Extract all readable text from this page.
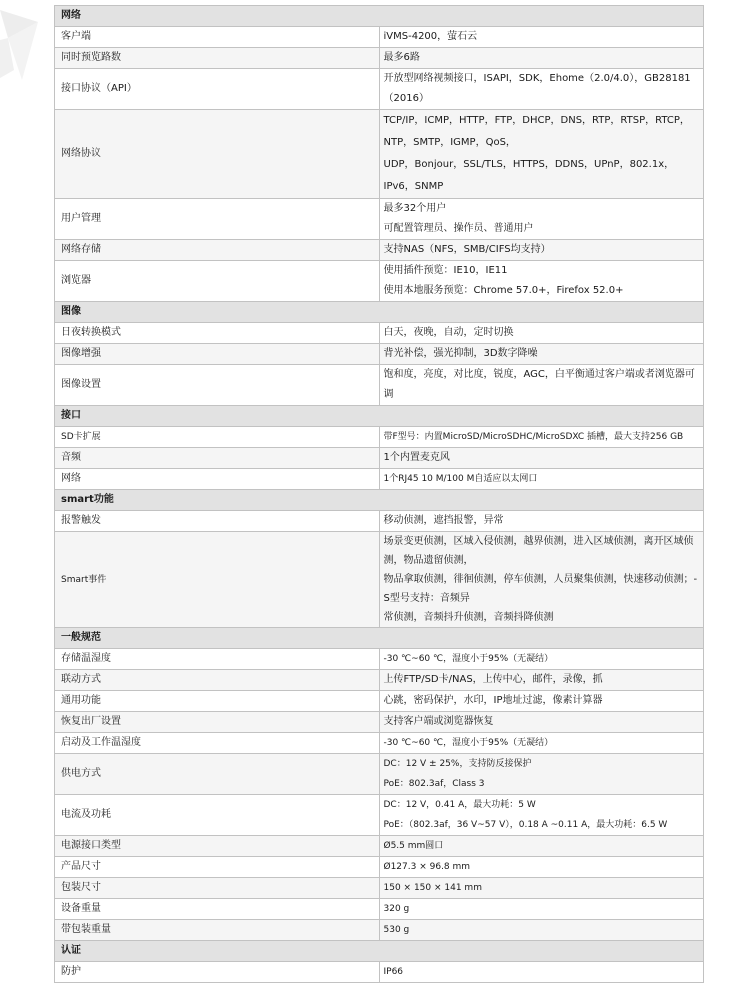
网络	
客户端	iVMS-4200，萤石云
同时预览路数	最多6路
接口协议（API）	开放型网络视频接口，ISAPI，SDK，Ehome（2.0/4.0），GB28181（2016）
网络协议	TCP/IP，ICMP，HTTP，FTP，DHCP，DNS，RTP，RTSP，RTCP，NTP，SMTP，IGMP，QoS，
UDP，Bonjour，SSL/TLS，HTTPS，DDNS，UPnP，802.1x，IPv6，SNMP

用户管理	最多32个用户
可配置管理员、操作员、普通用户

网络存储	支持NAS（NFS，SMB/CIFS均支持）
浏览器	使用插件预览：IE10，IE11
使用本地服务预览：Chrome 57.0+，Firefox 52.0+

图像	
日夜转换模式	白天，夜晚，自动，定时切换
图像增强	背光补偿，强光抑制，3D数字降噪
图像设置	饱和度，亮度，对比度，锐度，AGC，白平衡通过客户端或者浏览器可调
接口	
SD卡扩展	带F型号：内置MicroSD/MicroSDHC/MicroSDXC 插槽，最大支持256 GB
音频	1个内置麦克风
网络	1个RJ45 10 M/100 M自适应以太网口
smart功能	
报警触发	移动侦测，遮挡报警，异常
Smart事件	场景变更侦测，区域入侵侦测，越界侦测，进入区域侦测，离开区域侦测，物品遗留侦测，
物品拿取侦测，徘徊侦测，停车侦测，人员聚集侦测，快速移动侦测；-S型号支持：音频异
常侦测，音频抖升侦测，音频抖降侦测

一般规范	
存储温湿度	-30 ℃~60 ℃，湿度小于95%（无凝结）
联动方式	上传FTP/SD卡/NAS，上传中心，邮件，录像，抓
通用功能	心跳，密码保护，水印，IP地址过滤，像素计算器
恢复出厂设置	支持客户端或浏览器恢复
启动及工作温湿度	-30 ℃~60 ℃，湿度小于95%（无凝结）
供电方式	DC：12 V ± 25%，支持防反接保护
PoE：802.3af，Class 3

电流及功耗	DC：12 V，0.41 A，最大功耗：5 W
PoE：（802.3af，36 V~57 V），0.18 A ~0.11 A，最大功耗：6.5 W

电源接口类型	Ø5.5 mm圆口
产品尺寸	Ø127.3 × 96.8 mm
包装尺寸	150 × 150 × 141 mm
设备重量	320 g
带包装重量	530 g
认证	
防护	IP66
